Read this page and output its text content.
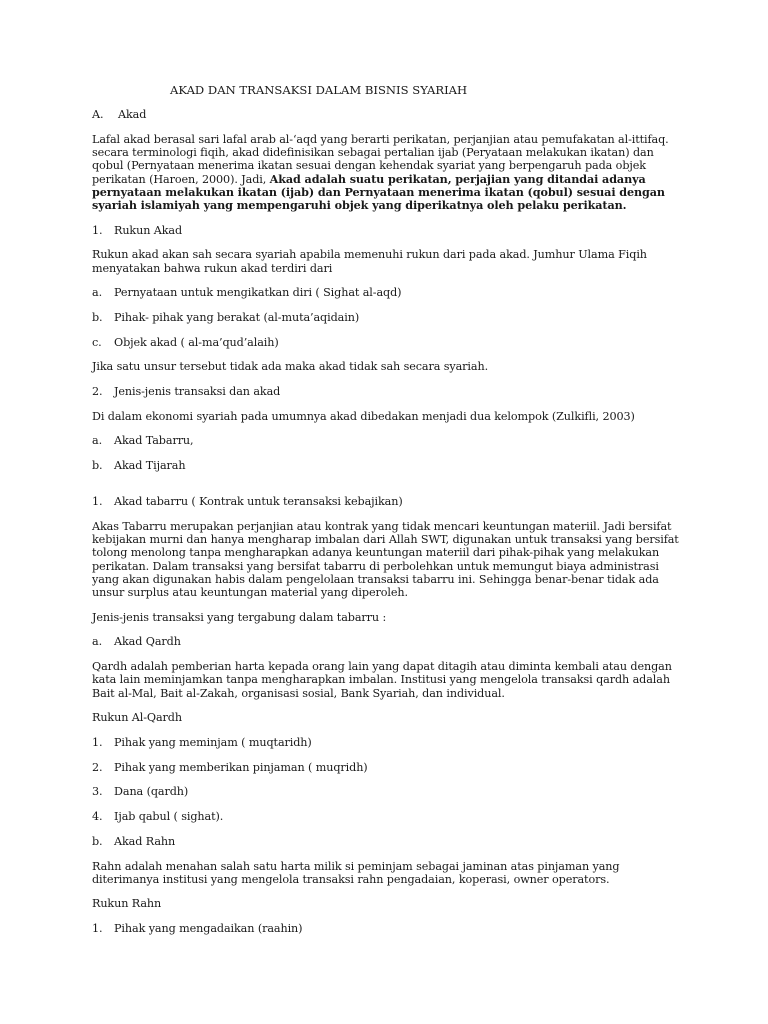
AKAD DAN TRANSAKSI DALAM BISNIS SYARIAH
A.	Akad

Lafal akad berasal sari lafal arab al-‘aqd yang berarti perikatan, perjanjian atau pemufakatan al-ittifaq. secara terminologi fiqih, akad didefinisikan sebagai pertalian ijab (Peryataan melakukan ikatan) dan qobul (Pernyataan menerima ikatan sesuai dengan kehendak syariat yang berpengaruh pada objek perikatan (Haroen, 2000). Jadi, Akad adalah suatu perikatan, perjajian yang ditandai adanya pernyataan melakukan ikatan (ijab) dan Pernyataan menerima ikatan (qobul) sesuai dengan syariah islamiyah yang mempengaruhi objek yang diperikatnya oleh pelaku perikatan.

1.	Rukun Akad

Rukun akad akan sah secara syariah apabila memenuhi rukun dari pada akad. Jumhur Ulama Fiqih menyatakan bahwa rukun akad terdiri dari

a.	Pernyataan untuk mengikatkan diri ( Sighat al-aqd)
b.	Pihak- pihak yang berakat (al-muta’aqidain)
c.	Objek akad ( al-ma’qud’alaih)

Jika satu unsur tersebut tidak ada maka akad tidak sah secara syariah.

2.	Jenis-jenis transaksi dan akad

Di dalam ekonomi syariah pada umumnya akad dibedakan menjadi dua kelompok (Zulkifli, 2003)

a.	Akad Tabarru,
b.	Akad Tijarah
1.	Akad tabarru ( Kontrak untuk teransaksi kebajikan)

Akas Tabarru merupakan perjanjian atau kontrak yang tidak mencari keuntungan materiil. Jadi bersifat kebijakan murni dan hanya mengharap imbalan dari Allah SWT, digunakan untuk transaksi yang bersifat tolong menolong tanpa mengharapkan adanya keuntungan materiil dari pihak-pihak yang melakukan perikatan. Dalam transaksi yang bersifat tabarru di perbolehkan untuk memungut biaya administrasi yang akan digunakan habis dalam pengelolaan transaksi tabarru ini. Sehingga benar-benar tidak ada unsur surplus atau keuntungan material yang diperoleh.

Jenis-jenis transaksi yang tergabung dalam tabarru :

a.	Akad Qardh

Qardh adalah pemberian harta kepada orang lain yang dapat ditagih atau diminta kembali atau dengan kata lain meminjamkan tanpa mengharapkan imbalan. Institusi yang mengelola transaksi qardh adalah Bait al-Mal, Bait al-Zakah, organisasi sosial, Bank Syariah, dan individual.

Rukun Al-Qardh

1.	Pihak yang meminjam ( muqtaridh)
2.	Pihak yang memberikan pinjaman ( muqridh)
3.	Dana (qardh)
4.	Ijab qabul ( sighat).
b.	Akad Rahn

Rahn adalah menahan salah satu harta milik si peminjam sebagai jaminan atas pinjaman yang diterimanya institusi yang mengelola transaksi rahn pengadaian, koperasi, owner operators.

Rukun Rahn

1.	Pihak yang mengadaikan (raahin)
